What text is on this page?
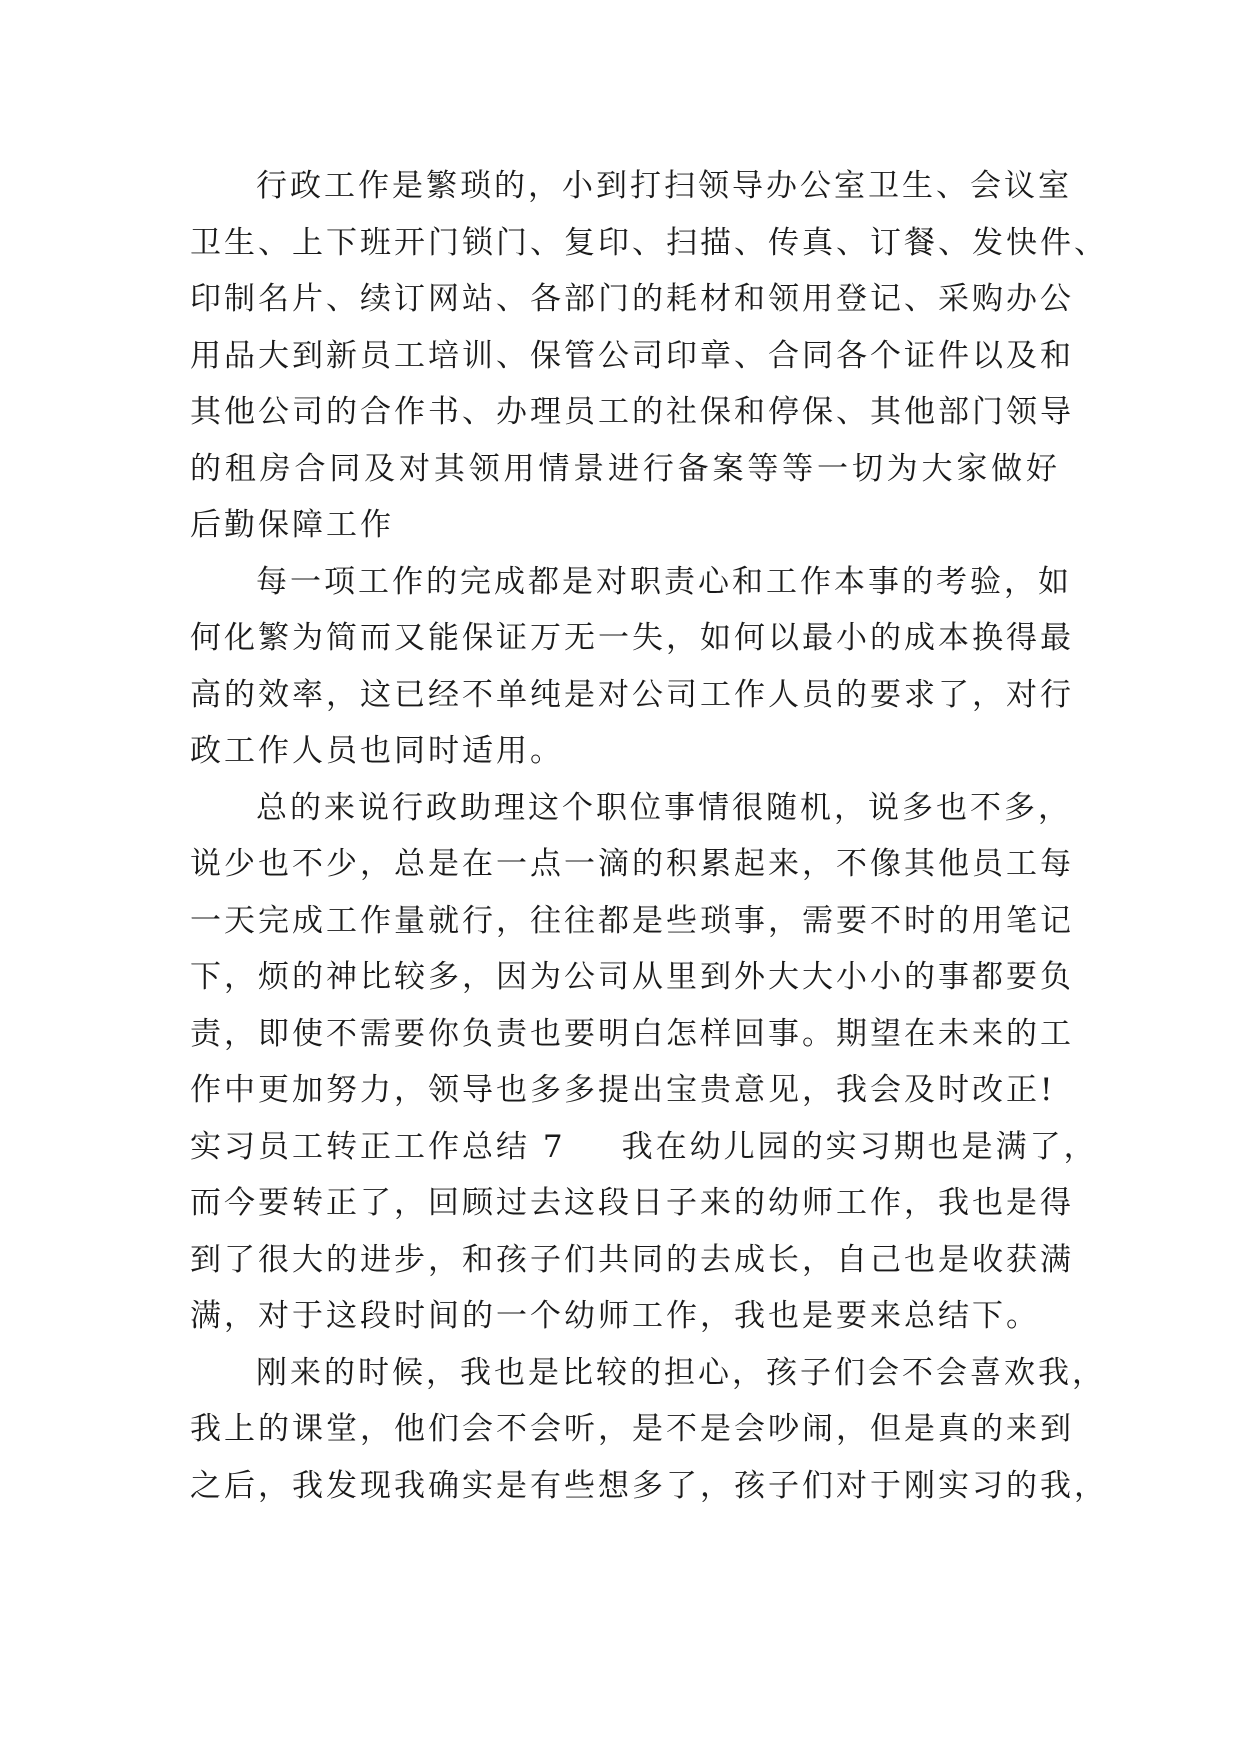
行政工作是繁琐的，小到打扫领导办公室卫生、会议室
卫生、上下班开门锁门、复印、扫描、传真、订餐、发快件、
印制名片、续订网站、各部门的耗材和领用登记、采购办公
用品大到新员工培训、保管公司印章、合同各个证件以及和
其他公司的合作书、办理员工的社保和停保、其他部门领导
的租房合同及对其领用情景进行备案等等一切为大家做好
后勤保障工作
每一项工作的完成都是对职责心和工作本事的考验，如
何化繁为简而又能保证万无一失，如何以最小的成本换得最
高的效率，这已经不单纯是对公司工作人员的要求了，对行
政工作人员也同时适用。
总的来说行政助理这个职位事情很随机，说多也不多，
说少也不少，总是在一点一滴的积累起来，不像其他员工每
一天完成工作量就行，往往都是些琐事，需要不时的用笔记
下，烦的神比较多，因为公司从里到外大大小小的事都要负
责，即使不需要你负责也要明白怎样回事。期望在未来的工
作中更加努力，领导也多多提出宝贵意见，我会及时改正!
实习员工转正工作总结 7 我在幼儿园的实习期也是满了，
而今要转正了，回顾过去这段日子来的幼师工作，我也是得
到了很大的进步，和孩子们共同的去成长，自己也是收获满
满，对于这段时间的一个幼师工作，我也是要来总结下。
刚来的时候，我也是比较的担心，孩子们会不会喜欢我，
我上的课堂，他们会不会听，是不是会吵闹，但是真的来到
之后，我发现我确实是有些想多了，孩子们对于刚实习的我，
